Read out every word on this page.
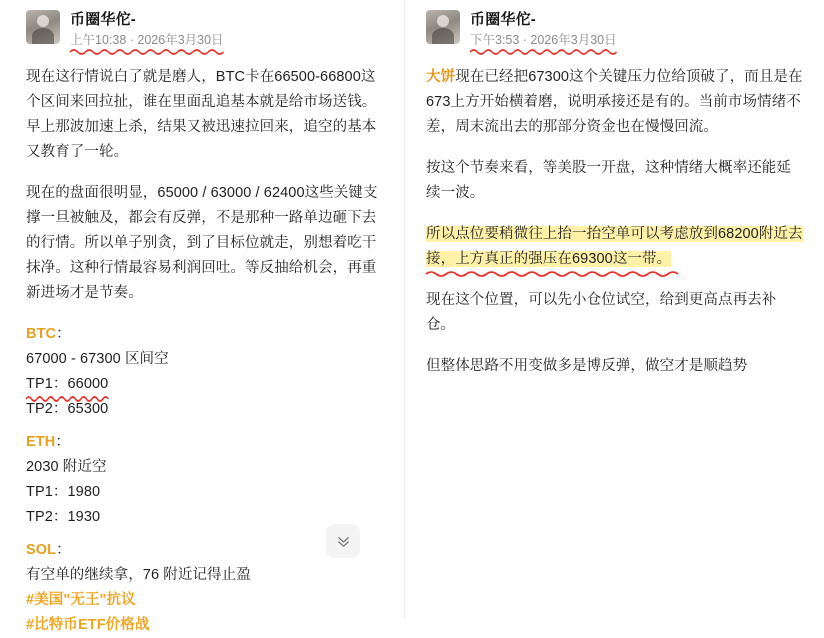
币圈华佗-
上午10:38 · 2026年3月30日

现在这行情说白了就是磨人，BTC卡在66500-66800这个区间来回拉扯，谁在里面乱追基本就是给市场送钱。早上那波加速上杀，结果又被迅速拉回来，追空的基本又教育了一轮。

现在的盘面很明显，65000 / 63000 / 62400这些关键支撑一旦被触及，都会有反弹，不是那种一路单边砸下去的行情。所以单子别贪，到了目标位就走，别想着吃干抹净。这种行情最容易利润回吐。等反抽给机会，再重新进场才是节奏。

BTC：

67000 - 67300 区间空

TP1：66000

TP2：65300

ETH：

2030 附近空

TP1：1980

TP2：1930

SOL：

有空单的继续拿，76 附近记得止盈

#美国"无王"抗议

#比特币ETF价格战

币圈华佗-
下午3:53 · 2026年3月30日

大饼现在已经把67300这个关键压力位给顶破了，而且是在673上方开始横着磨，说明承接还是有的。当前市场情绪不差，周末流出去的那部分资金也在慢慢回流。

按这个节奏来看，等美股一开盘，这种情绪大概率还能延续一波。

所以点位要稍微往上抬一抬空单可以考虑放到68200附近去接，上方真正的强压在69300这一带。

现在这个位置，可以先小仓位试空，给到更高点再去补仓。

但整体思路不用变做多是博反弹，做空才是顺趋势
